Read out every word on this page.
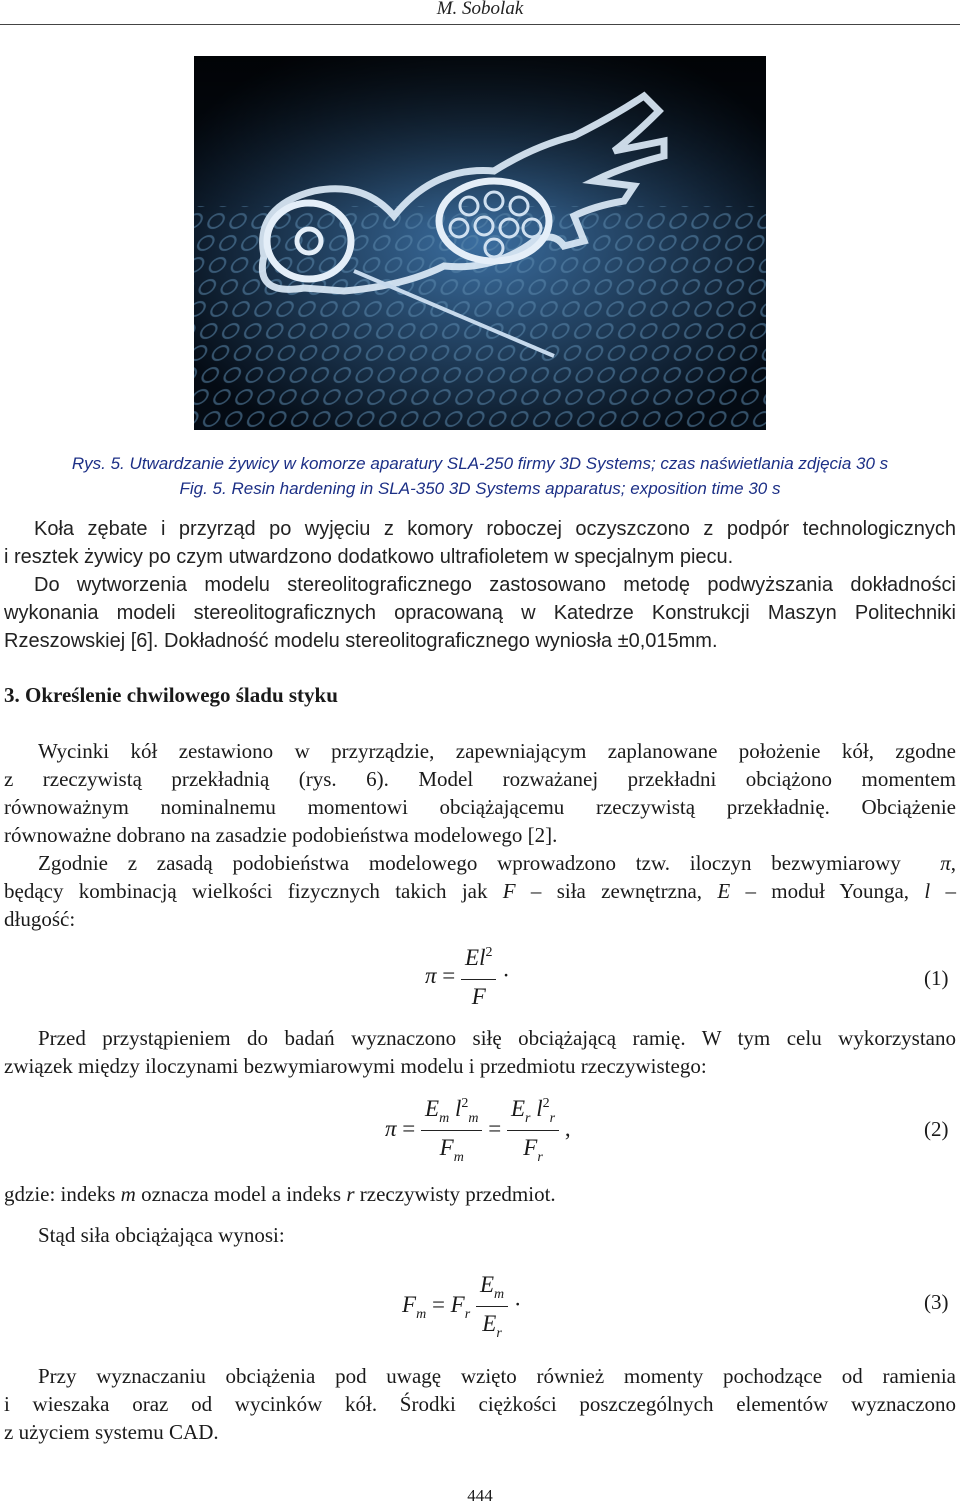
M. Sobolak
Rys. 5. Utwardzanie żywicy w komorze aparatury SLA-250 firmy 3D Systems; czas naświetlania zdjęcia 30 s
Fig. 5. Resin hardening in SLA-350 3D Systems apparatus; exposition time 30 s
Koła zębate i przyrząd po wyjęciu z komory roboczej oczyszczono z podpór technologicznych
i resztek żywicy po czym utwardzono dodatkowo ultrafioletem w specjalnym piecu.
Do wytworzenia modelu stereolitograficznego zastosowano metodę podwyższania dokładności
wykonania modeli stereolitograficznych opracowaną w Katedrze Konstrukcji Maszyn Politechniki
Rzeszowskiej [6]. Dokładność modelu stereolitograficznego wyniosła ±0,015mm.
3. Określenie chwilowego śladu styku
Wycinki kół zestawiono w przyrządzie, zapewniającym zaplanowane położenie kół, zgodne
z rzeczywistą przekładnią (rys. 6). Model rozważanej przekładni obciążono momentem
równoważnym nominalnemu momentowi obciążającemu rzeczywistą przekładnię. Obciążenie
równoważne dobrano na zasadzie podobieństwa modelowego [2].
Zgodnie z zasadą podobieństwa modelowego wprowadzono tzw. iloczyn bezwymiarowy π,
będący kombinacją wielkości fizycznych takich jak F – siła zewnętrzna, E – moduł Younga, l –
długość:
$\pi = \frac{El^2}{F}$ ·	(1)
Przed przystąpieniem do badań wyznaczono siłę obciążającą ramię. W tym celu wykorzystano
związek między iloczynami bezwymiarowymi modelu i przedmiotu rzeczywistego:
$\pi = \frac{E_m l^2_m}{F_m} = \frac{E_r l^2_r}{F_r}$ ,	(2)
gdzie: indeks m oznacza model a indeks r rzeczywisty przedmiot.
Stąd siła obciążająca wynosi:
$F_m = F_r \frac{E_m}{E_r}$ ·	(3)
Przy wyznaczaniu obciążenia pod uwagę wzięto również momenty pochodzące od ramienia
i wieszaka oraz od wycinków kół. Środki ciężkości poszczególnych elementów wyznaczono
z użyciem systemu CAD.
444
